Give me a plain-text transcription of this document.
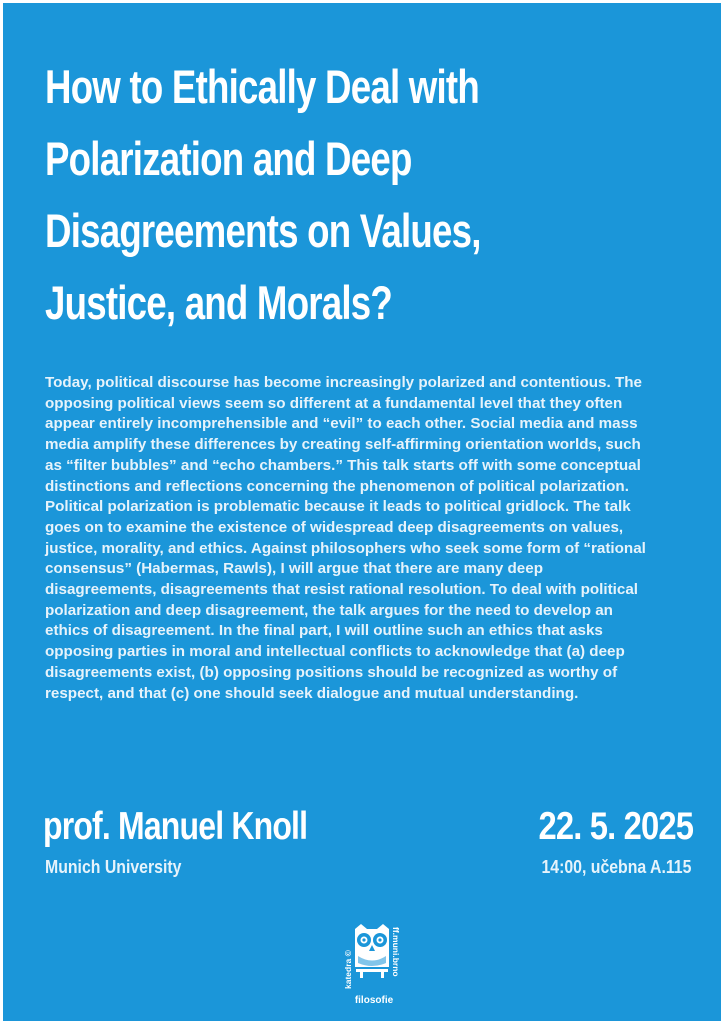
How to Ethically Deal with
Polarization and Deep
Disagreements on Values,
Justice, and Morals?

Today, political discourse has become increasingly polarized and contentious. The
opposing political views seem so different at a fundamental level that they often
appear entirely incomprehensible and “evil” to each other. Social media and mass
media amplify these differences by creating self-affirming orientation worlds, such
as “filter bubbles” and “echo chambers.” This talk starts off with some conceptual
distinctions and reflections concerning the phenomenon of political polarization.
Political polarization is problematic because it leads to political gridlock. The talk
goes on to examine the existence of widespread deep disagreements on values,
justice, morality, and ethics. Against philosophers who seek some form of “rational
consensus” (Habermas, Rawls), I will argue that there are many deep
disagreements, disagreements that resist rational resolution. To deal with political
polarization and deep disagreement, the talk argues for the need to develop an
ethics of disagreement. In the final part, I will outline such an ethics that asks
opposing parties in moral and intellectual conflicts to acknowledge that (a) deep
disagreements exist, (b) opposing positions should be recognized as worthy of
respect, and that (c) one should seek dialogue and mutual understanding.

prof. Manuel Knoll
Munich University
22. 5. 2025
14:00, učebna A.115
katedra ©	ff.muni.brno
filosofie
